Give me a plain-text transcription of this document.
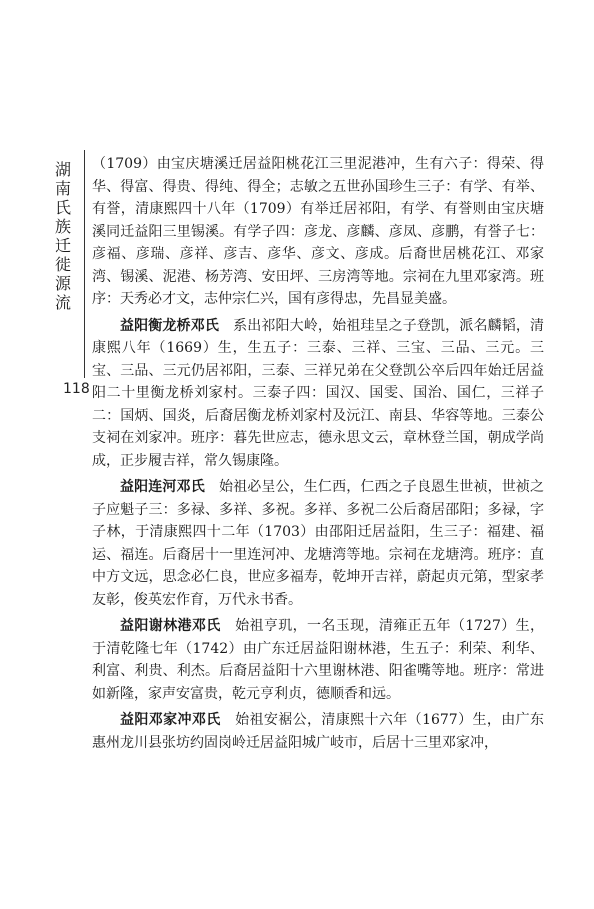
湖南氏族迁徙源流
118

（1709）由宝庆塘溪迁居益阳桃花江三里泥港冲，生有六子：得荣、得华、得富、得贵、得纯、得全；志敏之五世孙国珍生三子：有学、有举、有誉，清康熙四十八年（1709）有举迁居祁阳，有学、有誉则由宝庆塘溪同迁益阳三里锡溪。有学子四：彦龙、彦麟、彦凤、彦鹏，有誉子七：彦福、彦瑞、彦祥、彦吉、彦华、彦文、彦成。后裔世居桃花江、邓家湾、锡溪、泥港、杨芳湾、安田坪、三房湾等地。宗祠在九里邓家湾。班序：天秀必才文，志仲宗仁兴，国有彦得忠，先昌显美盛。

益阳衡龙桥邓氏　 系出祁阳大岭，始祖珪呈之子登凯，派名麟韬，清康熙八年（1669）生，生五子：三泰、三祥、三宝、三品、三元。三宝、三品、三元仍居祁阳，三泰、三祥兄弟在父登凯公卒后四年始迁居益阳二十里衡龙桥刘家村。三泰子四：国汉、国雯、国治、国仁，三祥子二：国炳、国炎，后裔居衡龙桥刘家村及沅江、南县、华容等地。三泰公支祠在刘家冲。班序：暮先世应志，德永思文云，章林登兰国，朝成学尚成，正步履吉祥，常久锡康隆。

益阳连河邓氏　 始祖必呈公，生仁西，仁西之子良恩生世祯，世祯之子应魁子三：多禄、多祥、多祝。多祥、多祝二公后裔居邵阳；多禄，字子林，于清康熙四十二年（1703）由邵阳迁居益阳，生三子：福建、福运、福连。后裔居十一里连河冲、龙塘湾等地。宗祠在龙塘湾。班序：直中方文远，思念必仁良，世应多福寿，乾坤开吉祥，蔚起贞元第，型家孝友彰，俊英宏作育，万代永书香。

益阳谢林港邓氏　 始祖亨玑，一名玉现，清雍正五年（1727）生，于清乾隆七年（1742）由广东迁居益阳谢林港，生五子：利荣、利华、利富、利贵、利杰。后裔居益阳十六里谢林港、阳雀嘴等地。班序：常进如新隆，家声安富贵，乾元亨利贞，德顺香和远。

益阳邓家冲邓氏　 始祖安裾公，清康熙十六年（1677）生，由广东惠州龙川县张坊约固岗岭迁居益阳城广岐市，后居十三里邓家冲，
